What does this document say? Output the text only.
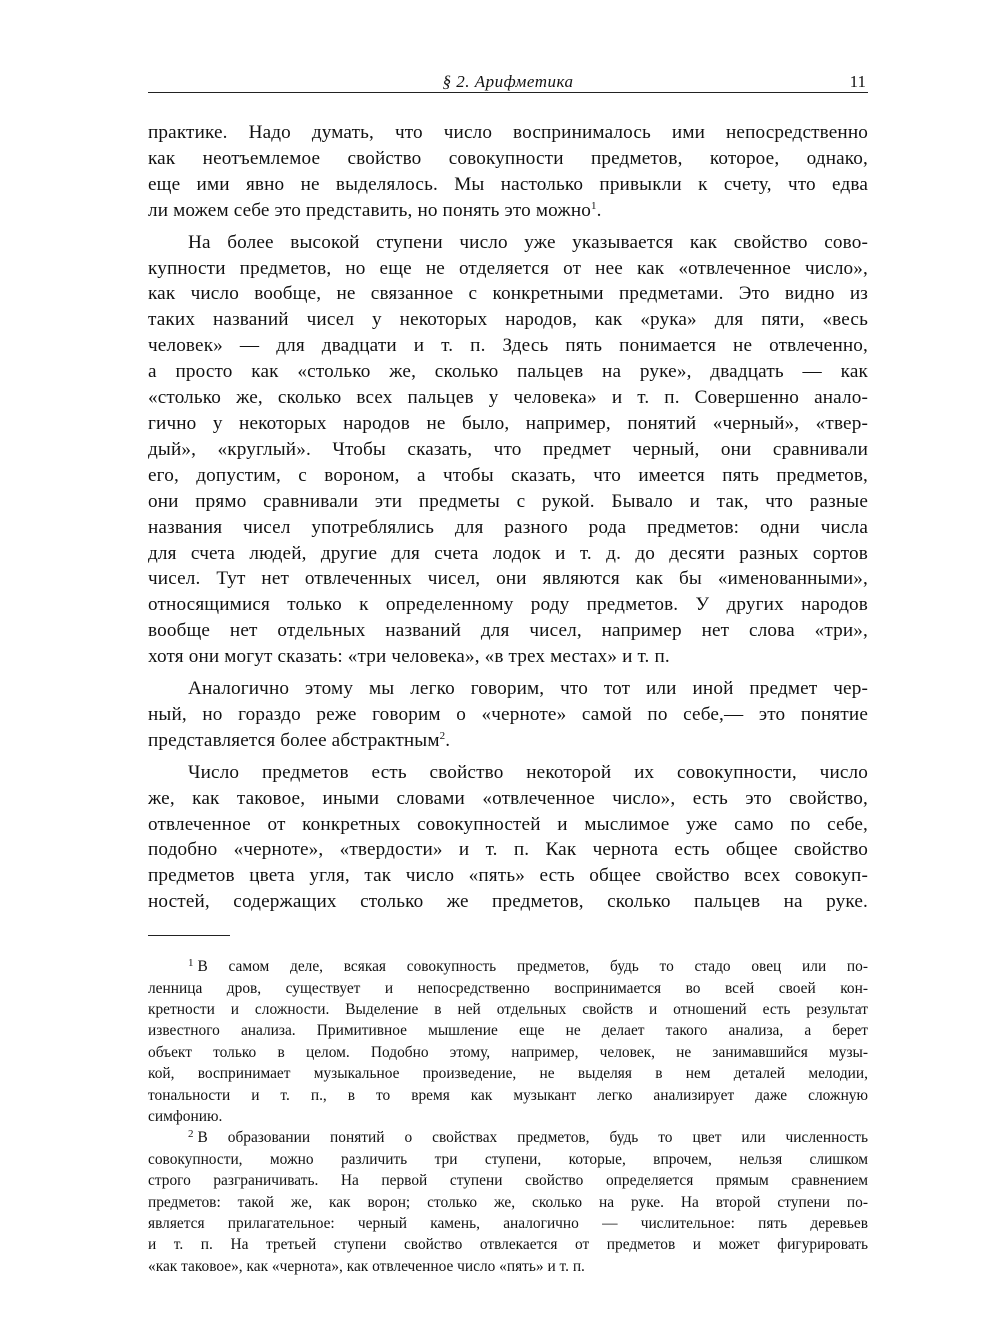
§ 2. Арифметика	11

практике. Надо думать, что число воспринималось ими непосредственно

как неотъемлемое свойство совокупности предметов, которое, однако,

еще ими явно не выделялось. Мы настолько привыкли к счету, что едва

ли можем себе это представить, но понять это можно$^1$.

На более высокой ступени число уже указывается как свойство сово-

купности предметов, но еще не отделяется от нее как «отвлеченное число»,

как число вообще, не связанное с конкретными предметами. Это видно из

таких названий чисел у некоторых народов, как «рука» для пяти, «весь

человек» — для двадцати и т. п. Здесь пять понимается не отвлеченно,

а просто как «столько же, сколько пальцев на руке», двадцать — как

«столько же, сколько всех пальцев у человека» и т. п. Совершенно анало-

гично у некоторых народов не было, например, понятий «черный», «твер-

дый», «круглый». Чтобы сказать, что предмет черный, они сравнивали

его, допустим, с вороном, а чтобы сказать, что имеется пять предметов,

они прямо сравнивали эти предметы с рукой. Бывало и так, что разные

названия чисел употреблялись для разного рода предметов: одни числа

для счета людей, другие для счета лодок и т. д. до десяти разных сортов

чисел. Тут нет отвлеченных чисел, они являются как бы «именованными»,

относящимися только к определенному роду предметов. У других народов

вообще нет отдельных названий для чисел, например нет слова «три»,

хотя они могут сказать: «три человека», «в трех местах» и т. п.

Аналогично этому мы легко говорим, что тот или иной предмет чер-

ный, но гораздо реже говорим о «черноте» самой по себе,— это понятие

представляется более абстрактным$^2$.

Число предметов есть свойство некоторой их совокупности, число

же, как таковое, иными словами «отвлеченное число», есть это свойство,

отвлеченное от конкретных совокупностей и мыслимое уже само по себе,

подобно «черноте», «твердости» и т. п. Как чернота есть общее свойство

предметов цвета угля, так число «пять» есть общее свойство всех совокуп-

ностей, содержащих столько же предметов, сколько пальцев на руке.

$^1$ В самом деле, всякая совокупность предметов, будь то стадо овец или по-

ленница дров, существует и непосредственно воспринимается во всей своей кон-

кретности и сложности. Выделение в ней отдельных свойств и отношений есть результат

известного анализа. Примитивное мышление еще не делает такого анализа, а берет

объект только в целом. Подобно этому, например, человек, не занимавшийся музы-

кой, воспринимает музыкальное произведение, не выделяя в нем деталей мелодии,

тональности и т. п., в то время как музыкант легко анализирует даже сложную

симфонию.

$^2$ В образовании понятий о свойствах предметов, будь то цвет или численность

совокупности, можно различить три ступени, которые, впрочем, нельзя слишком

строго разграничивать. На первой ступени свойство определяется прямым сравнением

предметов: такой же, как ворон; столько же, сколько на руке. На второй ступени по-

является прилагательное: черный камень, аналогично — числительное: пять деревьев

и т. п. На третьей ступени свойство отвлекается от предметов и может фигурировать

«как таковое», как «чернота», как отвлеченное число «пять» и т. п.
